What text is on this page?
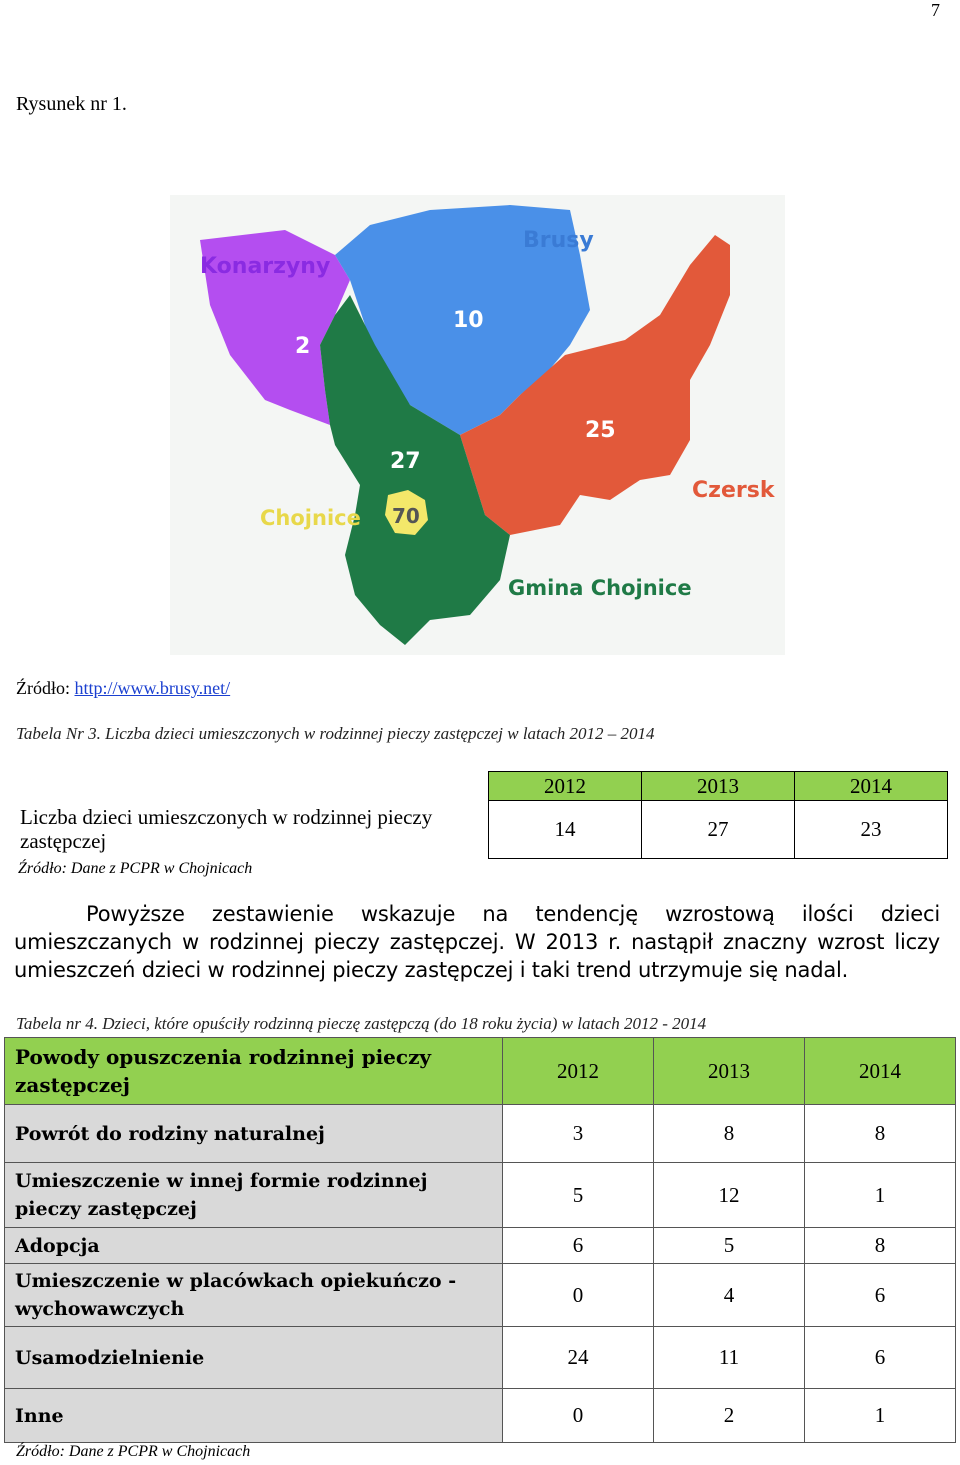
7
Rysunek nr 1.
Konarzyny
2
Brusy
10
25
Czersk
27
Chojnice 70
Gmina Chojnice
Źródło: http://www.brusy.net/
Tabela Nr 3. Liczba dzieci umieszczonych w rodzinnej pieczy zastępczej w latach 2012 – 2014
Liczba dzieci umieszczonych w rodzinnej pieczy zastępczej
Źródło: Dane z PCPR w Chojnicach
2012	2013	2014
14	27	23

Powyższe zestawienie wskazuje na tendencję wzrostową ilości dzieci umieszczanych w rodzinnej pieczy zastępczej. W 2013 r. nastąpił znaczny wzrost liczy umieszczeń dzieci w rodzinnej pieczy zastępczej i taki trend utrzymuje się nadal.

Tabela nr 4. Dzieci, które opuściły rodzinną pieczę zastępczą (do 18 roku życia) w latach 2012 - 2014
Powody opuszczenia rodzinnej pieczy zastępczej	2012	2013	2014
Powrót do rodziny naturalnej	3	8	8
Umieszczenie w innej formie rodzinnej pieczy zastępczej	5	12	1
Adopcja	6	5	8
Umieszczenie w placówkach opiekuńczo - wychowawczych	0	4	6
Usamodzielnienie	24	11	6
Inne	0	2	1
Źródło: Dane z PCPR w Chojnicach
